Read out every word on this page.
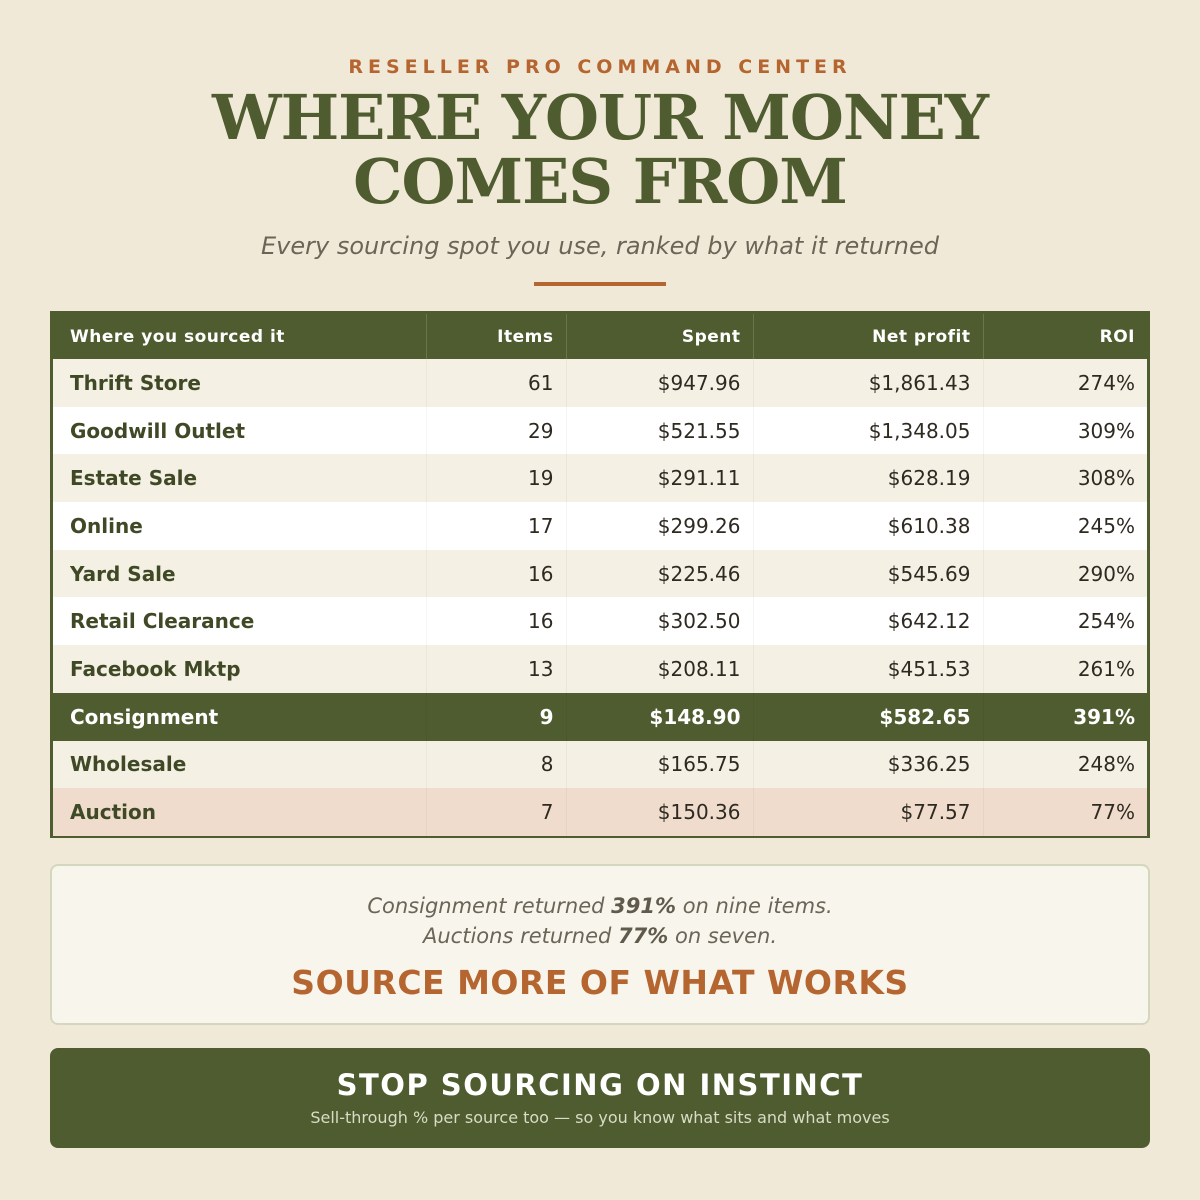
RESELLER PRO COMMAND CENTER
WHERE YOUR MONEY
COMES FROM
Every sourcing spot you use, ranked by what it returned
Where you sourced it	Items	Spent	Net profit	ROI
Thrift Store	61	$947.96	$1,861.43	274%
Goodwill Outlet	29	$521.55	$1,348.05	309%
Estate Sale	19	$291.11	$628.19	308%
Online	17	$299.26	$610.38	245%
Yard Sale	16	$225.46	$545.69	290%
Retail Clearance	16	$302.50	$642.12	254%
Facebook Mktp	13	$208.11	$451.53	261%
Consignment	9	$148.90	$582.65	391%
Wholesale	8	$165.75	$336.25	248%
Auction	7	$150.36	$77.57	77%
Consignment returned 391% on nine items.
Auctions returned 77% on seven.
SOURCE MORE OF WHAT WORKS
STOP SOURCING ON INSTINCT
Sell-through % per source too — so you know what sits and what moves
